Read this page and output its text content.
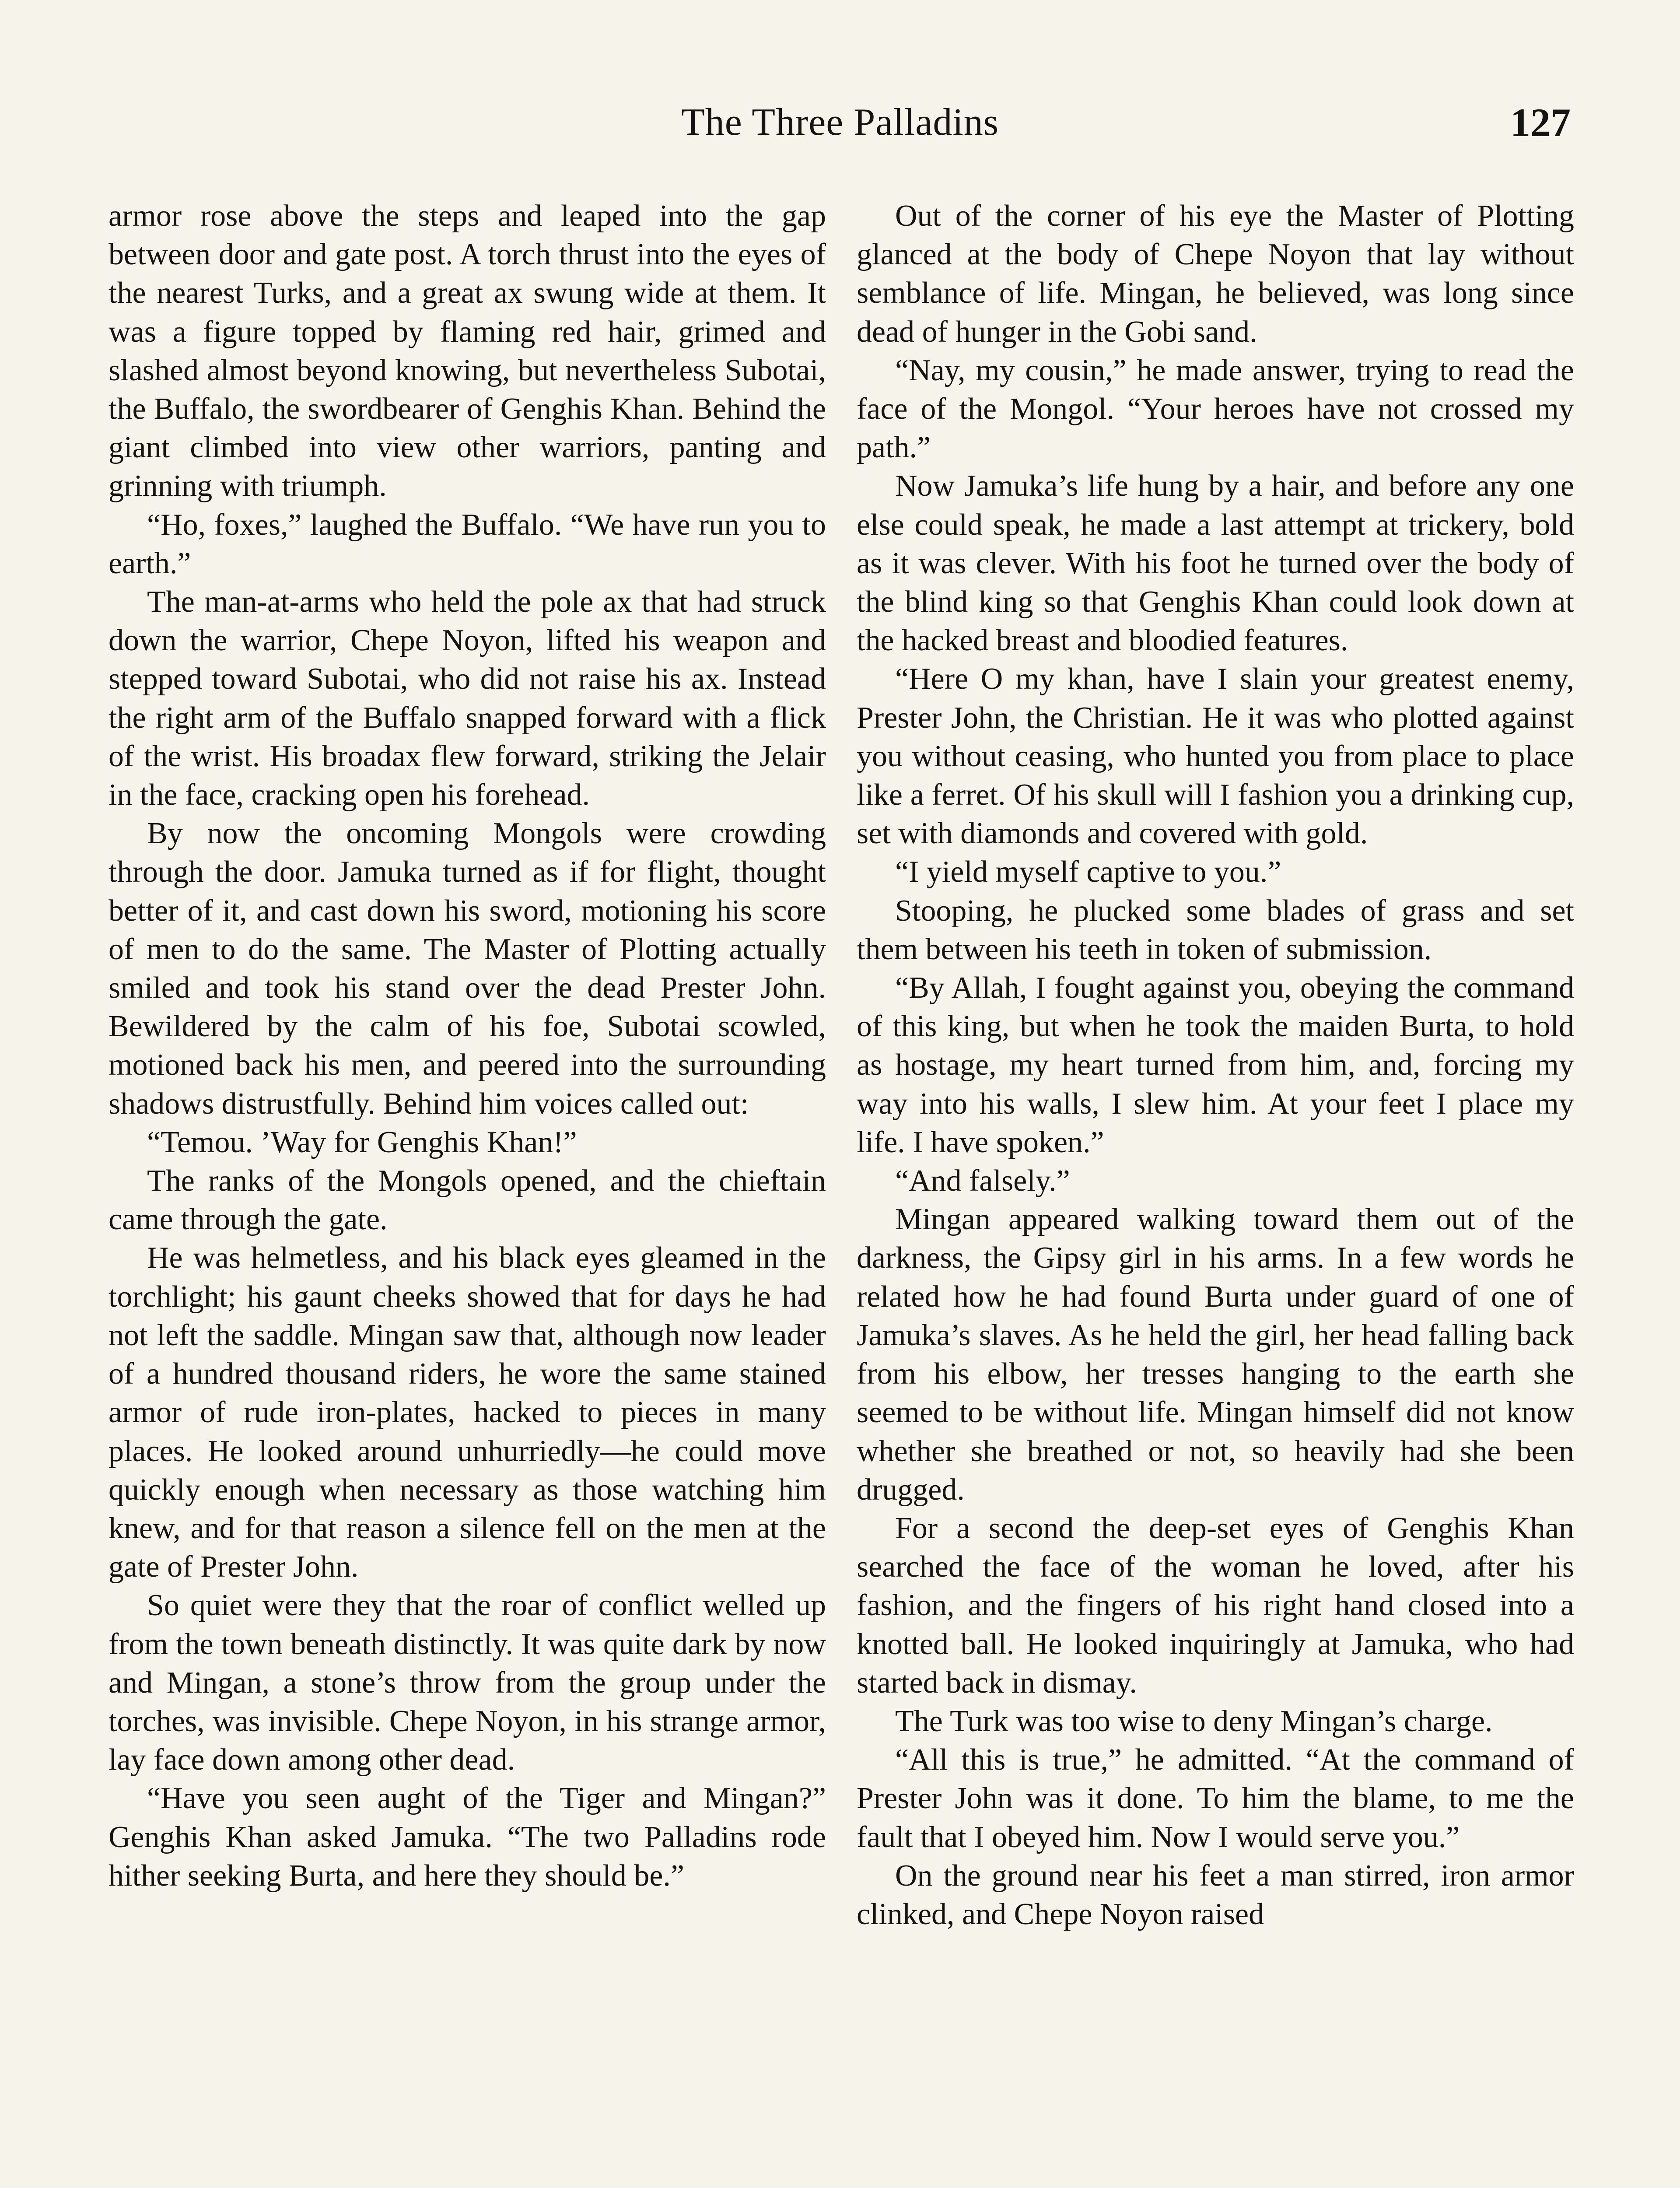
The Three Palladins	127

armor rose above the steps and leaped into the gap between door and gate post. A torch thrust into the eyes of the nearest Turks, and a great ax swung wide at them. It was a figure topped by flaming red hair, grimed and slashed almost beyond knowing, but nevertheless Subotai, the Buffalo, the swordbearer of Genghis Khan. Behind the giant climbed into view other warriors, panting and grinning with triumph.

“Ho, foxes,” laughed the Buffalo. “We have run you to earth.”

The man-at-arms who held the pole ax that had struck down the warrior, Chepe Noyon, lifted his weapon and stepped toward Subotai, who did not raise his ax. Instead the right arm of the Buffalo snapped forward with a flick of the wrist. His broadax flew forward, striking the Jelair in the face, cracking open his forehead.

By now the oncoming Mongols were crowding through the door. Jamuka turned as if for flight, thought better of it, and cast down his sword, motioning his score of men to do the same. The Master of Plotting actually smiled and took his stand over the dead Prester John. Bewildered by the calm of his foe, Subotai scowled, motioned back his men, and peered into the surrounding shadows distrustfully. Behind him voices called out:

“Temou. ’Way for Genghis Khan!”

The ranks of the Mongols opened, and the chieftain came through the gate.

He was helmetless, and his black eyes gleamed in the torchlight; his gaunt cheeks showed that for days he had not left the saddle. Mingan saw that, although now leader of a hundred thousand riders, he wore the same stained armor of rude iron-plates, hacked to pieces in many places. He looked around unhurriedly—he could move quickly enough when necessary as those watching him knew, and for that reason a silence fell on the men at the gate of Prester John.

So quiet were they that the roar of conflict welled up from the town beneath distinctly. It was quite dark by now and Mingan, a stone’s throw from the group under the torches, was invisible. Chepe Noyon, in his strange armor, lay face down among other dead.

“Have you seen aught of the Tiger and Mingan?” Genghis Khan asked Jamuka. “The two Palladins rode hither seeking Burta, and here they should be.”

Out of the corner of his eye the Master of Plotting glanced at the body of Chepe Noyon that lay without semblance of life. Mingan, he believed, was long since dead of hunger in the Gobi sand.

“Nay, my cousin,” he made answer, trying to read the face of the Mongol. “Your heroes have not crossed my path.”

Now Jamuka’s life hung by a hair, and before any one else could speak, he made a last attempt at trickery, bold as it was clever. With his foot he turned over the body of the blind king so that Genghis Khan could look down at the hacked breast and bloodied features.

“Here O my khan, have I slain your greatest enemy, Prester John, the Christian. He it was who plotted against you without ceasing, who hunted you from place to place like a ferret. Of his skull will I fashion you a drinking cup, set with diamonds and covered with gold.

“I yield myself captive to you.”

Stooping, he plucked some blades of grass and set them between his teeth in token of submission.

“By Allah, I fought against you, obeying the command of this king, but when he took the maiden Burta, to hold as hostage, my heart turned from him, and, forcing my way into his walls, I slew him. At your feet I place my life. I have spoken.”

“And falsely.”

Mingan appeared walking toward them out of the darkness, the Gipsy girl in his arms. In a few words he related how he had found Burta under guard of one of Jamuka’s slaves. As he held the girl, her head falling back from his elbow, her tresses hanging to the earth she seemed to be without life. Mingan himself did not know whether she breathed or not, so heavily had she been drugged.

For a second the deep-set eyes of Genghis Khan searched the face of the woman he loved, after his fashion, and the fingers of his right hand closed into a knotted ball. He looked inquiringly at Jamuka, who had started back in dismay.

The Turk was too wise to deny Mingan’s charge.

“All this is true,” he admitted. “At the command of Prester John was it done. To him the blame, to me the fault that I obeyed him. Now I would serve you.”

On the ground near his feet a man stirred, iron armor clinked, and Chepe Noyon raised
